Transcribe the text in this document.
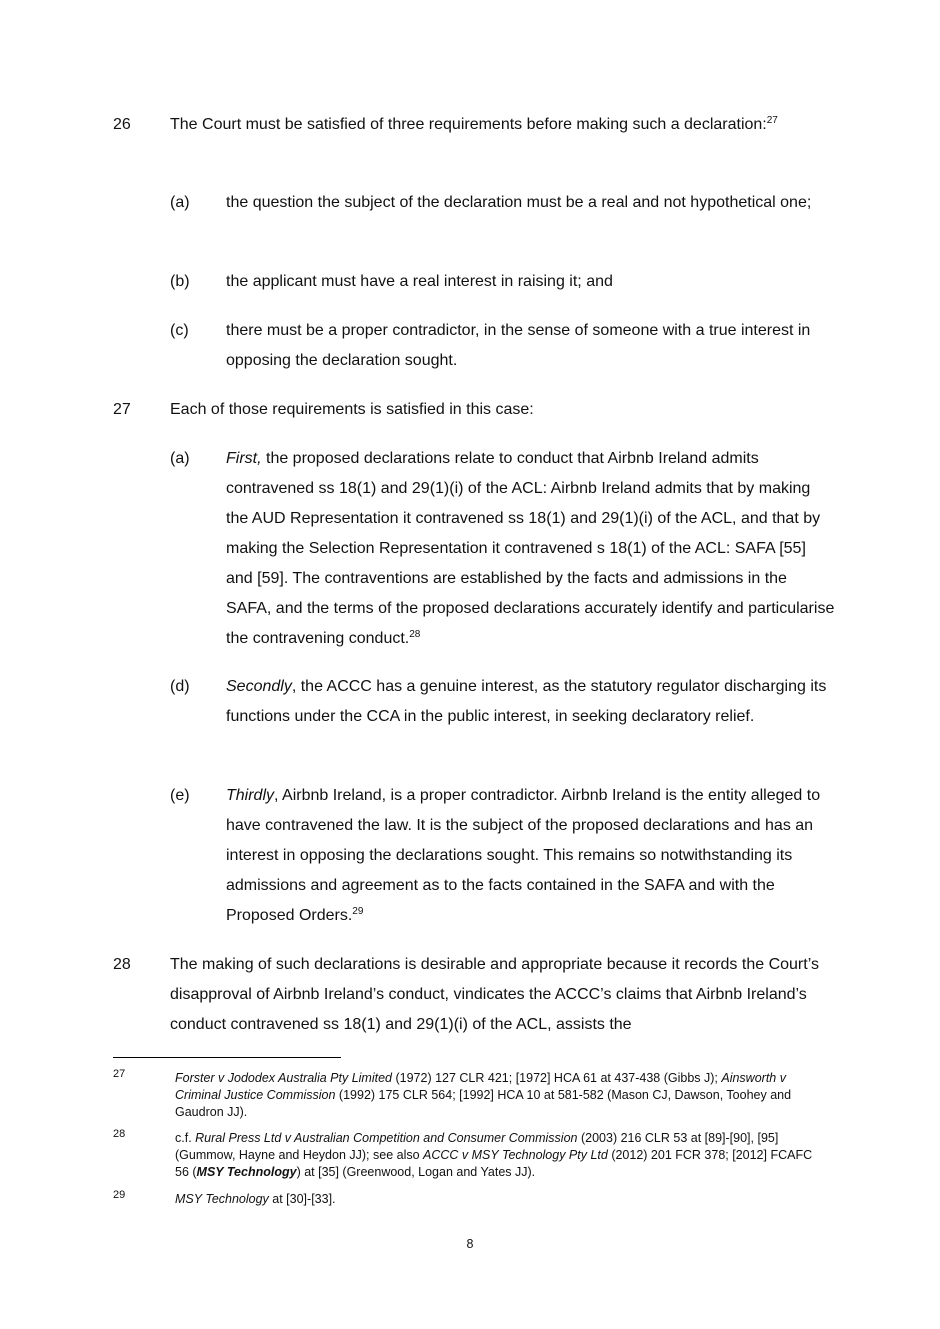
26 The Court must be satisfied of three requirements before making such a declaration:$^{27}$
(a) the question the subject of the declaration must be a real and not hypothetical one;
(b) the applicant must have a real interest in raising it; and
(c) there must be a proper contradictor, in the sense of someone with a true interest in opposing the declaration sought.
27 Each of those requirements is satisfied in this case:
(a) First, the proposed declarations relate to conduct that Airbnb Ireland admits contravened ss 18(1) and 29(1)(i) of the ACL: Airbnb Ireland admits that by making the AUD Representation it contravened ss 18(1) and 29(1)(i) of the ACL, and that by making the Selection Representation it contravened s 18(1) of the ACL: SAFA [55] and [59]. The contraventions are established by the facts and admissions in the SAFA, and the terms of the proposed declarations accurately identify and particularise the contravening conduct.$^{28}$
(d) Secondly, the ACCC has a genuine interest, as the statutory regulator discharging its functions under the CCA in the public interest, in seeking declaratory relief.
(e) Thirdly, Airbnb Ireland, is a proper contradictor. Airbnb Ireland is the entity alleged to have contravened the law. It is the subject of the proposed declarations and has an interest in opposing the declarations sought. This remains so notwithstanding its admissions and agreement as to the facts contained in the SAFA and with the Proposed Orders.$^{29}$
28 The making of such declarations is desirable and appropriate because it records the Court’s disapproval of Airbnb Ireland’s conduct, vindicates the ACCC’s claims that Airbnb Ireland’s conduct contravened ss 18(1) and 29(1)(i) of the ACL, assists the
27	Forster v Jododex Australia Pty Limited (1972) 127 CLR 421; [1972] HCA 61 at 437-438 (Gibbs J); Ainsworth v Criminal Justice Commission (1992) 175 CLR 564; [1992] HCA 10 at 581-582 (Mason CJ, Dawson, Toohey and Gaudron JJ).
28	c.f. Rural Press Ltd v Australian Competition and Consumer Commission (2003) 216 CLR 53 at [89]-[90], [95] (Gummow, Hayne and Heydon JJ); see also ACCC v MSY Technology Pty Ltd (2012) 201 FCR 378; [2012] FCAFC 56 (MSY Technology) at [35] (Greenwood, Logan and Yates JJ).
29	MSY Technology at [30]-[33].
8
